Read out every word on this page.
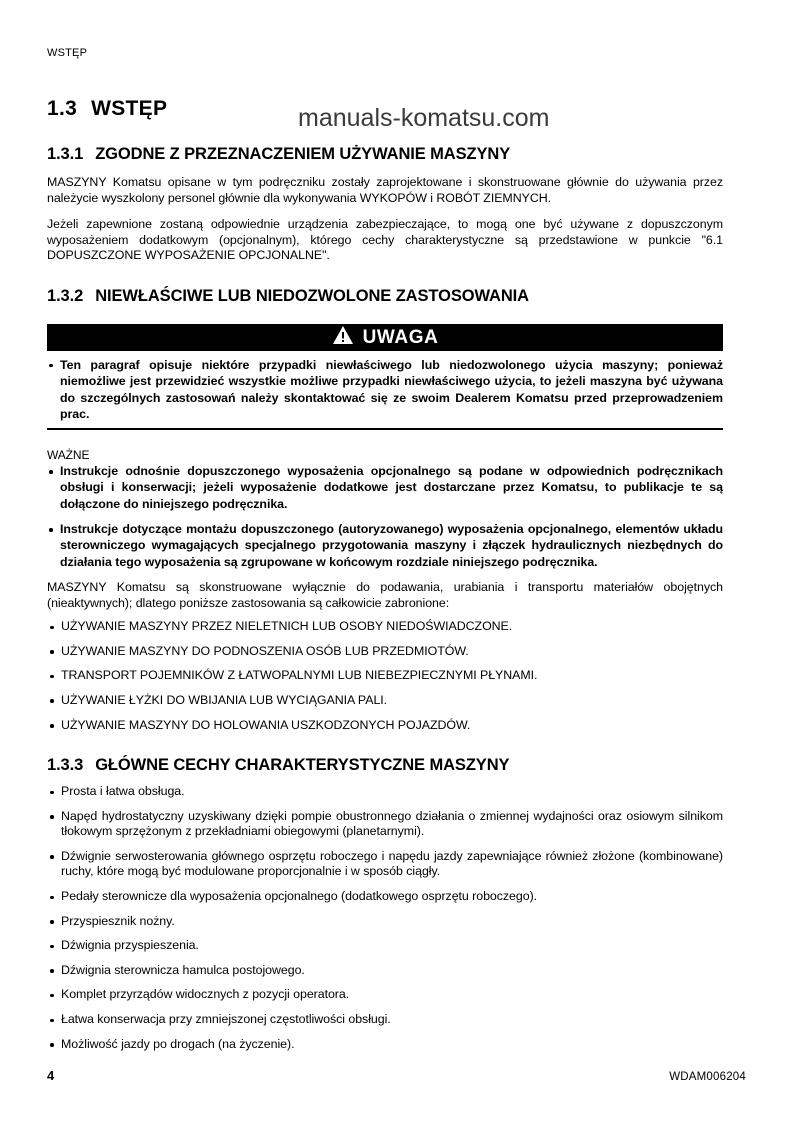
WSTĘP
manuals-komatsu.com
1.3 WSTĘP
1.3.1 ZGODNE Z PRZEZNACZENIEM UŻYWANIE MASZYNY

MASZYNY Komatsu opisane w tym podręczniku zostały zaprojektowane i skonstruowane głównie do używania przez należycie wyszkolony personel głównie dla wykonywania WYKOPÓW i ROBÓT ZIEMNYCH.

Jeżeli zapewnione zostaną odpowiednie urządzenia zabezpieczające, to mogą one być używane z dopuszczonym wyposażeniem dodatkowym (opcjonalnym), którego cechy charakterystyczne są przedstawione w punkcie "6.1 DOPUSZCZONE WYPOSAŻENIE OPCJONALNE".

1.3.2 NIEWŁAŚCIWE LUB NIEDOZWOLONE ZASTOSOWANIA
UWAGA
Ten paragraf opisuje niektóre przypadki niewłaściwego lub niedozwolonego użycia maszyny; ponieważ niemożliwe jest przewidzieć wszystkie możliwe przypadki niewłaściwego użycia, to jeżeli maszyna być używana do szczególnych zastosowań należy skontaktować się ze swoim Dealerem Komatsu przed przeprowadzeniem prac.
WAŻNE
Instrukcje odnośnie dopuszczonego wyposażenia opcjonalnego są podane w odpowiednich podręcznikach obsługi i konserwacji; jeżeli wyposażenie dodatkowe jest dostarczane przez Komatsu, to publikacje te są dołączone do niniejszego podręcznika.
Instrukcje dotyczące montażu dopuszczonego (autoryzowanego) wyposażenia opcjonalnego, elementów układu sterowniczego wymagających specjalnego przygotowania maszyny i złączek hydraulicznych niezbędnych do działania tego wyposażenia są zgrupowane w końcowym rozdziale niniejszego podręcznika.

MASZYNY Komatsu są skonstruowane wyłącznie do podawania, urabiania i transportu materiałów obojętnych (nieaktywnych); dlatego poniższe zastosowania są całkowicie zabronione:

UŻYWANIE MASZYNY PRZEZ NIELETNICH LUB OSOBY NIEDOŚWIADCZONE.
UŻYWANIE MASZYNY DO PODNOSZENIA OSÓB LUB PRZEDMIOTÓW.
TRANSPORT POJEMNIKÓW Z ŁATWOPALNYMI LUB NIEBEZPIECZNYMI PŁYNAMI.
UŻYWANIE ŁYŻKI DO WBIJANIA LUB WYCIĄGANIA PALI.
UŻYWANIE MASZYNY DO HOLOWANIA USZKODZONYCH POJAZDÓW.
1.3.3 GŁÓWNE CECHY CHARAKTERYSTYCZNE MASZYNY
Prosta i łatwa obsługa.
Napęd hydrostatyczny uzyskiwany dzięki pompie obustronnego działania o zmiennej wydajności oraz osiowym silnikom tłokowym sprzężonym z przekładniami obiegowymi (planetarnymi).
Dźwignie serwosterowania głównego osprzętu roboczego i napędu jazdy zapewniające również złożone (kombinowane) ruchy, które mogą być modulowane proporcjonalnie i w sposób ciągły.
Pedały sterownicze dla wyposażenia opcjonalnego (dodatkowego osprzętu roboczego).
Przyspiesznik nożny.
Dźwignia przyspieszenia.
Dźwignia sterownicza hamulca postojowego.
Komplet przyrządów widocznych z pozycji operatora.
Łatwa konserwacja przy zmniejszonej częstotliwości obsługi.
Możliwość jazdy po drogach (na życzenie).
4	WDAM006204
